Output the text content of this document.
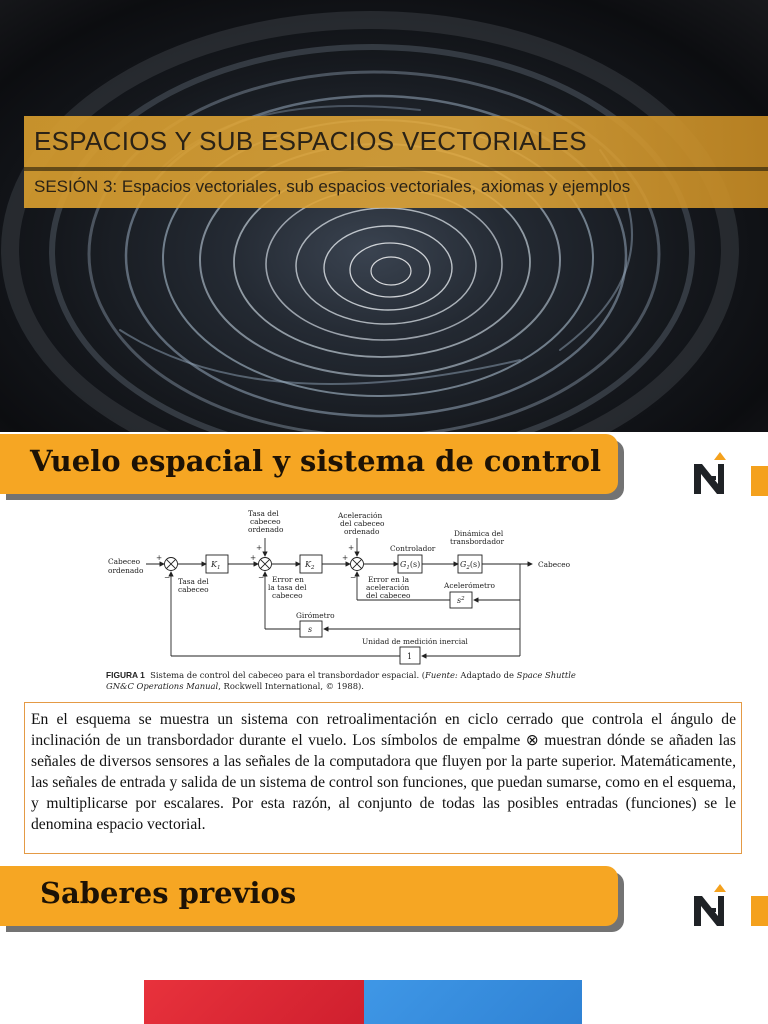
ESPACIOS Y SUB ESPACIOS VECTORIALES
SESIÓN 3: Espacios vectoriales, sub espacios vectoriales, axiomas y ejemplos
Vuelo espacial y sistema de control
Cabeceo
ordenado
Tasa del
cabeceo
ordenado
Aceleración
del cabeceo
ordenado
Tasa del
cabeceo
Error en
la tasa del
cabeceo
Error en la
aceleración
del cabeceo
Controlador
Dinámica del
transbordador
Cabeceo
Acelerómetro
Girómetro
Unidad de medición inercial
+
−
+
+
−
+
+
−
$K_1$	$K_2$	$G_1(s)$	$G_2(s)$
$s^2$
s
1
FIGURA 1 Sistema de control del cabeceo para el transbordador espacial. (Fuente: Adaptado de Space Shuttle GN&C Operations Manual, Rockwell International, © 1988).
En el esquema se muestra un sistema con retroalimentación en ciclo cerrado que controla el ángulo de inclinación de un transbordador durante el vuelo. Los símbolos de empalme ⊗ muestran dónde se añaden las señales de diversos sensores a las señales de la computadora que fluyen por la parte superior. Matemáticamente, las señales de entrada y salida de un sistema de control son funciones, que puedan sumarse, como en el esquema, y multiplicarse por escalares. Por esta razón, al conjunto de todas las posibles entradas (funciones) se le denomina espacio vectorial.
Saberes previos
